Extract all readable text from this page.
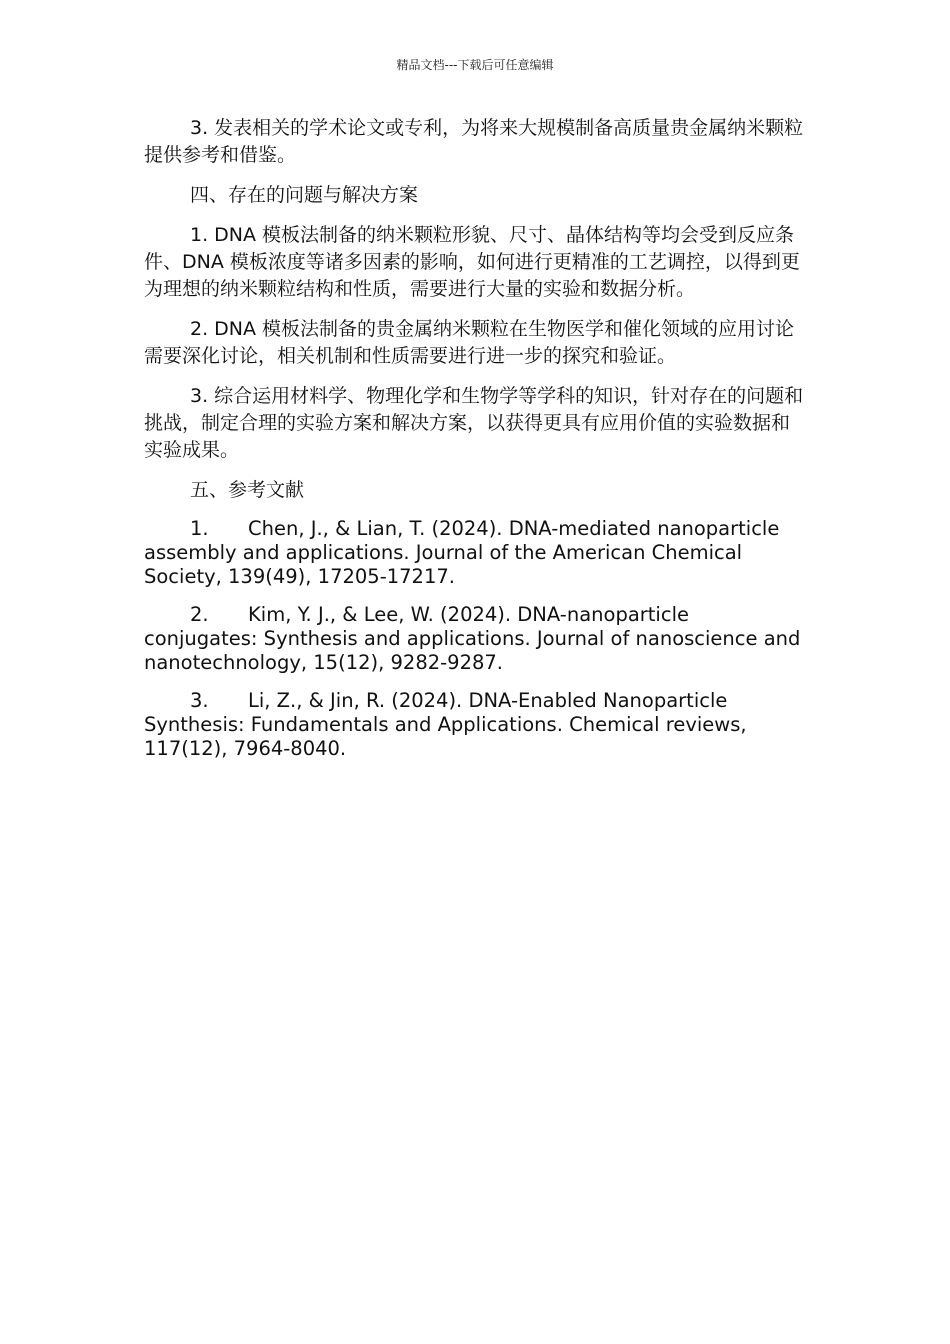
精品文档---下载后可任意编辑

3. 发表相关的学术论文或专利，为将来大规模制备高质量贵金属纳米颗粒提供参考和借鉴。

四、存在的问题与解决方案

1. DNA 模板法制备的纳米颗粒形貌、尺寸、晶体结构等均会受到反应条件、DNA 模板浓度等诸多因素的影响，如何进行更精准的工艺调控，以得到更为理想的纳米颗粒结构和性质，需要进行大量的实验和数据分析。

2. DNA 模板法制备的贵金属纳米颗粒在生物医学和催化领域的应用讨论需要深化讨论，相关机制和性质需要进行进一步的探究和验证。

3. 综合运用材料学、物理化学和生物学等学科的知识，针对存在的问题和挑战，制定合理的实验方案和解决方案，以获得更具有应用价值的实验数据和实验成果。

五、参考文献

1. Chen, J., & Lian, T. (2024). DNA-mediated nanoparticle assembly and applications. Journal of the American Chemical Society, 139(49), 17205-17217.

2. Kim, Y. J., & Lee, W. (2024). DNA-nanoparticle conjugates: Synthesis and applications. Journal of nanoscience and nanotechnology, 15(12), 9282-9287.

3. Li, Z., & Jin, R. (2024). DNA-Enabled Nanoparticle Synthesis: Fundamentals and Applications. Chemical reviews, 117(12), 7964-8040.
